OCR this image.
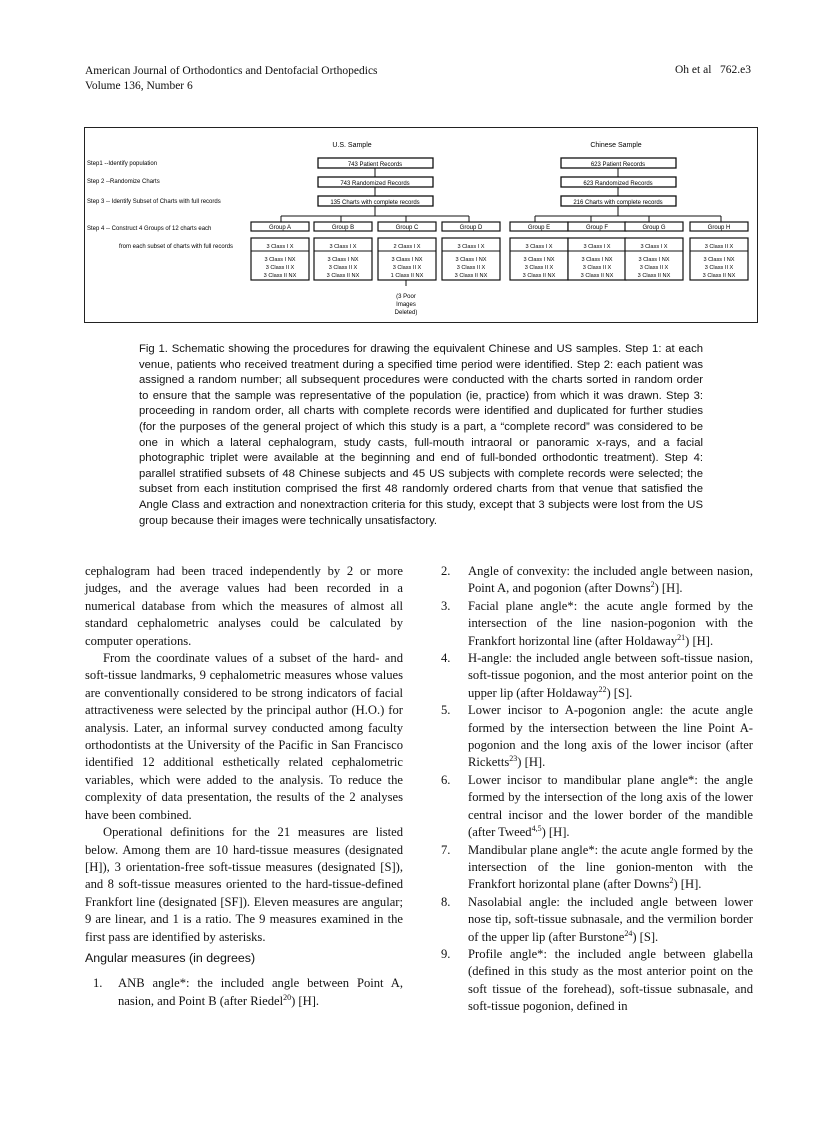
American Journal of Orthodontics and Dentofacial Orthopedics
Volume 136, Number 6
Oh et al   762.e3
U.S. Sample	Chinese Sample
Step1 --Identify population
Step 2 --Randomize Charts
Step 3 -- Identify Subset of Charts with full records
Step 4 -- Construct 4 Groups of 12 charts each
from each subset of charts with full records
743 Patient Records
743 Randomized Records
135 Charts with complete records
623 Patient Records
623 Randomized Records
216 Charts with complete records
Group A
3 Class I X
3 Class I NX
3 Class II X
3 Class II NX
Group B
3 Class I X
3 Class I NX
3 Class II X
3 Class II NX
Group C
2 Class I X
3 Class I NX
3 Class II X
1 Class II NX
Group D
3 Class I X
3 Class I NX
3 Class II X
3 Class II NX
Group E
3 Class I X
3 Class I NX
3 Class II X
3 Class II NX
Group F
3 Class I X
3 Class I NX
3 Class II X
3 Class II NX
Group G
3 Class I X
3 Class I NX
3 Class II X
3 Class II NX
Group H
3 Class II X
3 Class I NX
3 Class II X
3 Class II NX
(3 Poor
Images
Deleted)
Fig 1. Schematic showing the procedures for drawing the equivalent Chinese and US samples. Step 1: at each venue, patients who received treatment during a specified time period were identified. Step 2: each patient was assigned a random number; all subsequent procedures were conducted with the charts sorted in random order to ensure that the sample was representative of the population (ie, practice) from which it was drawn. Step 3: proceeding in random order, all charts with complete records were identified and duplicated for further studies (for the purposes of the general project of which this study is a part, a “complete record” was considered to be one in which a lateral cephalogram, study casts, full-mouth intraoral or panoramic x-rays, and a facial photographic triplet were available at the beginning and end of full-bonded orthodontic treatment). Step 4: parallel stratified subsets of 48 Chinese subjects and 45 US subjects with complete records were selected; the subset from each institution comprised the first 48 randomly ordered charts from that venue that satisfied the Angle Class and extraction and nonextraction criteria for this study, except that 3 subjects were lost from the US group because their images were technically unsatisfactory.

cephalogram had been traced independently by 2 or more judges, and the average values had been recorded in a numerical database from which the measures of almost all standard cephalometric analyses could be calculated by computer operations.

From the coordinate values of a subset of the hard- and soft-tissue landmarks, 9 cephalometric measures whose values are conventionally considered to be strong indicators of facial attractiveness were selected by the principal author (H.O.) for analysis. Later, an informal survey conducted among faculty orthodontists at the University of the Pacific in San Francisco identified 12 additional esthetically related cephalometric variables, which were added to the analysis. To reduce the complexity of data presentation, the results of the 2 analyses have been combined.

Operational definitions for the 21 measures are listed below. Among them are 10 hard-tissue measures (designated [H]), 3 orientation-free soft-tissue measures (designated [S]), and 8 soft-tissue measures oriented to the hard-tissue-defined Frankfort line (designated [SF]). Eleven measures are angular; 9 are linear, and 1 is a ratio. The 9 measures examined in the first pass are identified by asterisks.

Angular measures (in degrees)
1. ANB angle*: the included angle between Point A, nasion, and Point B (after Riedel$^{20}$) [H].
2. Angle of convexity: the included angle between nasion, Point A, and pogonion (after Downs$^2$) [H].
3. Facial plane angle*: the acute angle formed by the intersection of the line nasion-pogonion with the Frankfort horizontal line (after Holdaway$^{21}$) [H].
4. H-angle: the included angle between soft-tissue nasion, soft-tissue pogonion, and the most anterior point on the upper lip (after Holdaway$^{22}$) [S].
5. Lower incisor to A-pogonion angle: the acute angle formed by the intersection between the line Point A-pogonion and the long axis of the lower incisor (after Ricketts$^{23}$) [H].
6. Lower incisor to mandibular plane angle*: the angle formed by the intersection of the long axis of the lower central incisor and the lower border of the mandible (after Tweed$^{4,5}$) [H].
7. Mandibular plane angle*: the acute angle formed by the intersection of the line gonion-menton with the Frankfort horizontal plane (after Downs$^2$) [H].
8. Nasolabial angle: the included angle between lower nose tip, soft-tissue subnasale, and the vermilion border of the upper lip (after Burstone$^{24}$) [S].
9. Profile angle*: the included angle between glabella (defined in this study as the most anterior point on the soft tissue of the forehead), soft-tissue subnasale, and soft-tissue pogonion, defined in
